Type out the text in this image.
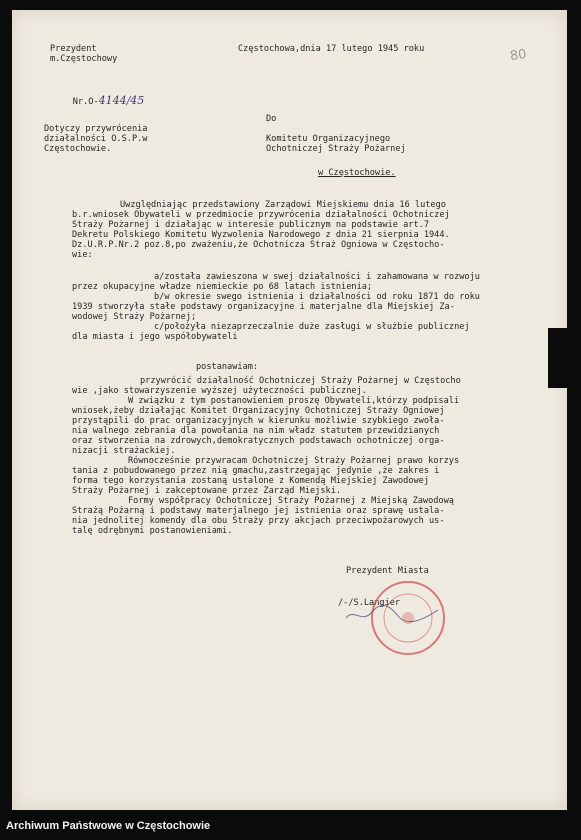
80
Prezydent
m.Częstochowy
Częstochowa,dnia 17 lutego 1945 roku

Nr.O-4144/45

Dotyczy przywrócenia
działalności O.S.P.w
Częstochowie.
Do
Komitetu Organizacyjnego
Ochotniczej Straży Pożarnej
w Częstochowie.
Uwzględniając przedstawiony Zarządowi Miejskiemu dnia 16 lutego
b.r.wniosek Obywateli w przedmiocie przywrócenia działalności Ochotniczej
Straży Pożarnej i działając w interesie publicznym na podstawie art.7
Dekretu Polskiego Komitetu Wyzwolenia Narodowego z dnia 21 sierpnia 1944.
Dz.U.R.P.Nr.2 poz.8,po zważeniu,że Ochotnicza Straż Ogniowa w Częstocho-
wie:
a/została zawieszona w swej działalności i zahamowana w rozwoju
przez okupacyjne władze niemieckie po 68 latach istnienia;
b/w okresie swego istnienia i działalności od roku 1871 do roku
1939 stworzyła stałe podstawy organizacyjne i materjalne dla Miejskiej Za-
wodowej Straży Pożarnej;
c/położyła niezaprzeczalnie duże zasługi w służbie publicznej
dla miasta i jego współobywateli
postanawiam:
przywrócić działalność Ochotniczej Straży Pożarnej w Częstocho
wie ,jako stowarzyszenie wyższej użyteczności publicznej.
W związku z tym postanowieniem proszę Obywateli,którzy podpisali
wniosek,żeby działając Komitet Organizacyjny Ochotniczej Straży Ogniowej
przystąpili do prac organizacyjnych w kierunku możliwie szybkiego zwoła-
nia walnego zebrania dla powołania na nim władz statutem przewidzianych
oraz stworzenia na zdrowych,demokratycznych podstawach ochotniczej orga-
nizacji strażackiej.
Równocześnie przywracam Ochotniczej Straży Pożarnej prawo korzys
tania z pobudowanego przez nią gmachu,zastrzegając jedynie ,że zakres i
forma tego korzystania zostaną ustalone z Komendą Miejskiej Zawodowej
Straży Pożarnej i zakceptowane przez Zarząd Miejski.
Formy współpracy Ochotniczej Straży Pożarnej z Miejską Zawodową
Strażą Pożarną i podstawy materjalnego jej istnienia oraz sprawę ustala-
nia jednolitej komendy dla obu Straży przy akcjach przeciwpożarowych us-
talę odrębnymi postanowieniami.
Prezydent Miasta
/-/S.Langier
Archiwum Państwowe w Częstochowie
